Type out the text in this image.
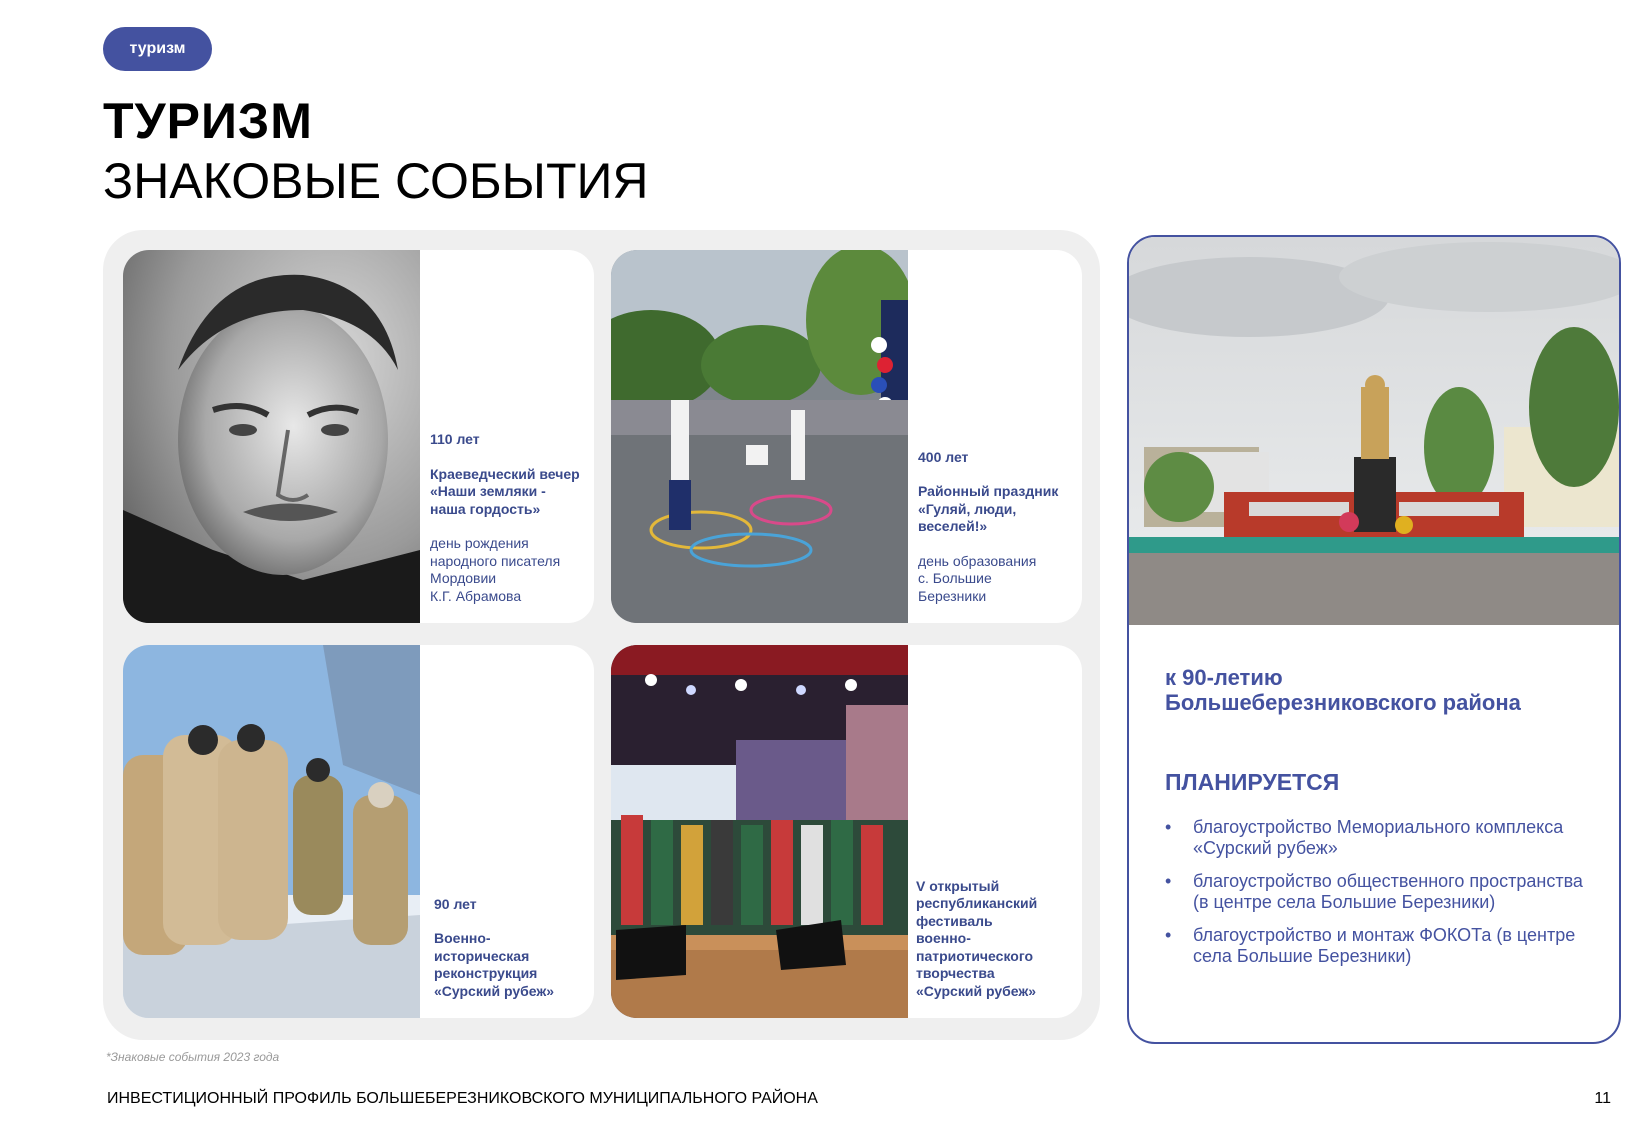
туризм
ТУРИЗМ
ЗНАКОВЫЕ СОБЫТИЯ
110 лет
Краеведческий вечер
«Наши земляки -
наша гордость»
день рождения
народного писателя
Мордовии
К.Г. Абрамова
400 лет
Районный праздник
«Гуляй, люди,
веселей!»
день образования
с. Большие
Березники
90 лет
Военно-
историческая
реконструкция
«Сурский рубеж»
V открытый
республиканский
фестиваль
военно-
патриотического
творчества
«Сурский рубеж»
к 90-летию
Большеберезниковского района
ПЛАНИРУЕТСЯ
• благоустройство Мемориального комплекса «Сурский рубеж»
• благоустройство общественного пространства (в центре села Большие Березники)
• благоустройство и монтаж ФОКОТа (в центре села Большие Березники)
*Знаковые события 2023 года
ИНВЕСТИЦИОННЫЙ ПРОФИЛЬ БОЛЬШЕБЕРЕЗНИКОВСКОГО МУНИЦИПАЛЬНОГО РАЙОНА	11
